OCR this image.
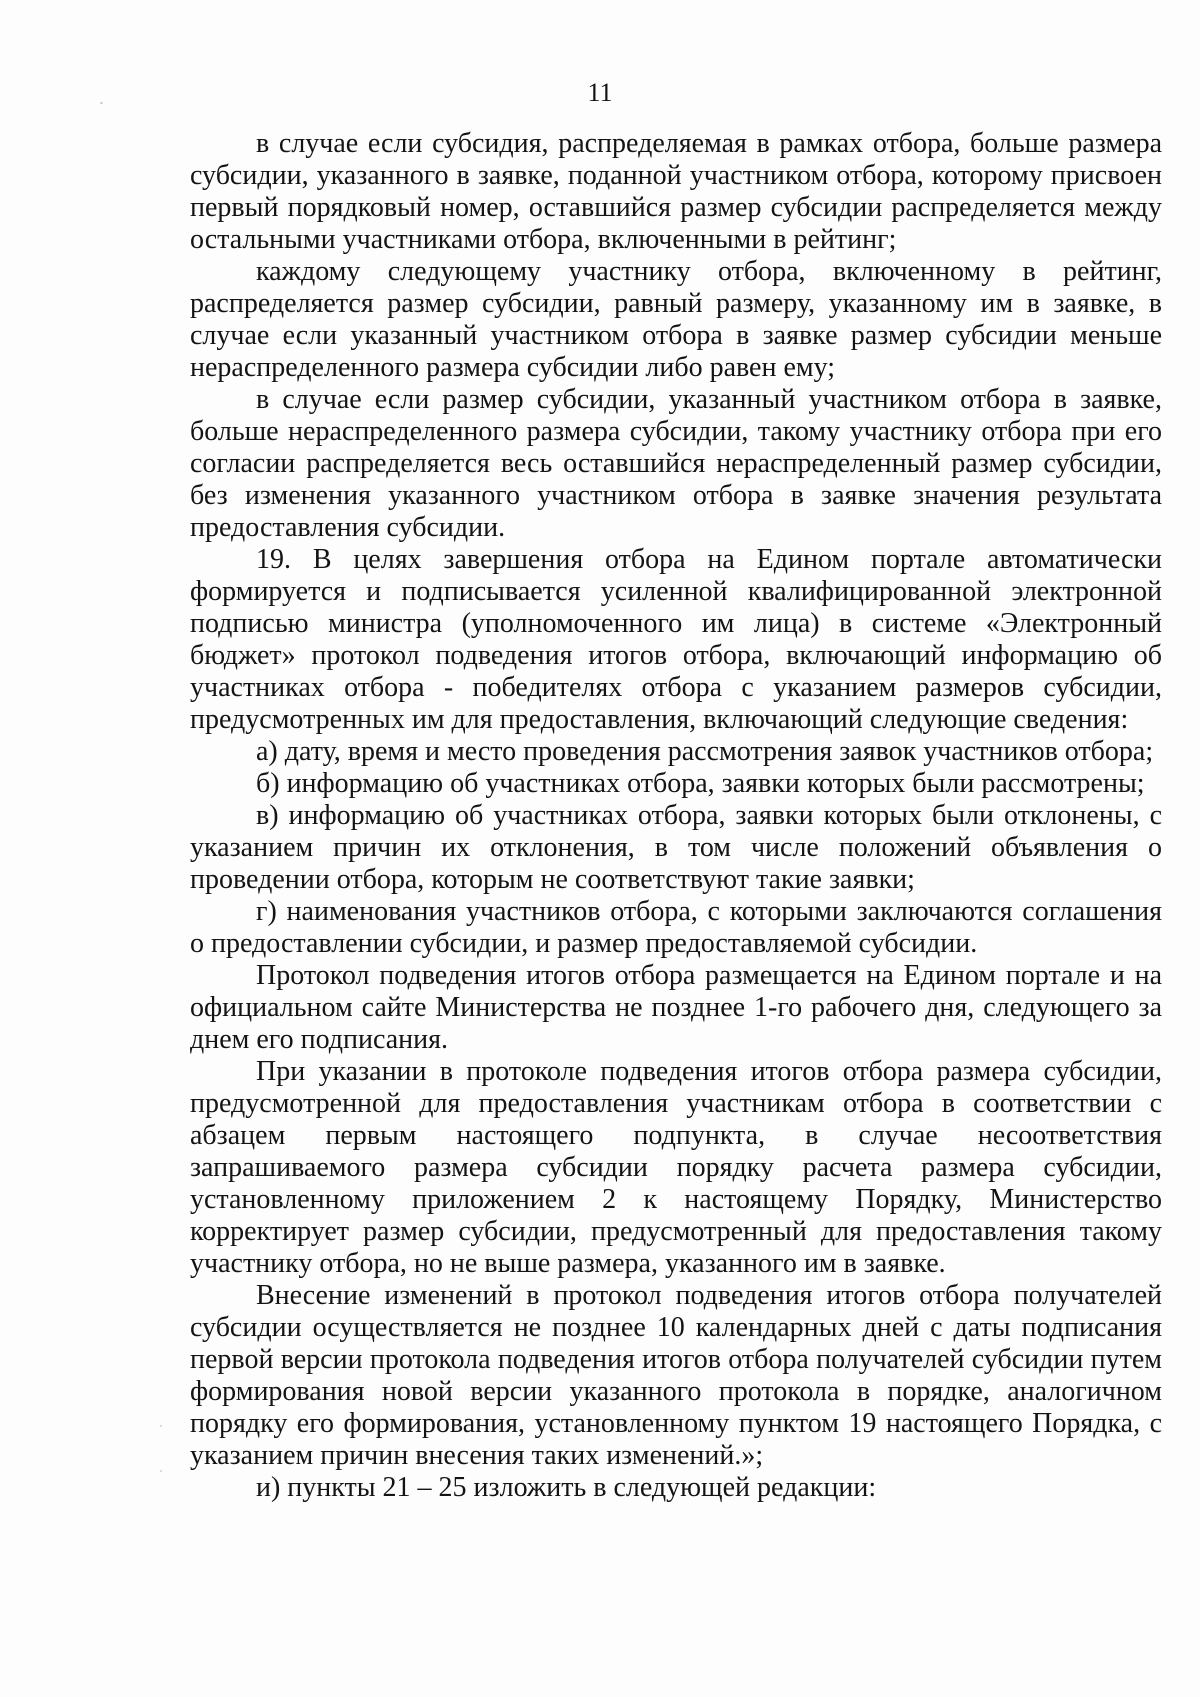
11

в случае если субсидия, распределяемая в рамках отбора, больше размера субсидии, указанного в заявке, поданной участником отбора, которому присвоен первый порядковый номер, оставшийся размер субсидии распределяется между остальными участниками отбора, включенными в рейтинг;

каждому следующему участнику отбора, включенному в рейтинг, распределяется размер субсидии, равный размеру, указанному им в заявке, в случае если указанный участником отбора в заявке размер субсидии меньше нераспределенного размера субсидии либо равен ему;

в случае если размер субсидии, указанный участником отбора в заявке, больше нераспределенного размера субсидии, такому участнику отбора при его согласии распределяется весь оставшийся нераспределенный размер субсидии, без изменения указанного участником отбора в заявке значения результата предоставления субсидии.

19. В целях завершения отбора на Едином портале автоматически формируется и подписывается усиленной квалифицированной электронной подписью министра (уполномоченного им лица) в системе «Электронный бюджет» протокол подведения итогов отбора, включающий информацию об участниках отбора - победителях отбора с указанием размеров субсидии, предусмотренных им для предоставления, включающий следующие сведения:

а) дату, время и место проведения рассмотрения заявок участников отбора;

б) информацию об участниках отбора, заявки которых были рассмотрены;

в) информацию об участниках отбора, заявки которых были отклонены, с указанием причин их отклонения, в том числе положений объявления о проведении отбора, которым не соответствуют такие заявки;

г) наименования участников отбора, с которыми заключаются соглашения о предоставлении субсидии, и размер предоставляемой субсидии.

Протокол подведения итогов отбора размещается на Едином портале и на официальном сайте Министерства не позднее 1-го рабочего дня, следующего за днем его подписания.

При указании в протоколе подведения итогов отбора размера субсидии, предусмотренной для предоставления участникам отбора в соответствии с абзацем первым настоящего подпункта, в случае несоответствия запрашиваемого размера субсидии порядку расчета размера субсидии, установленному приложением 2 к настоящему Порядку, Министерство корректирует размер субсидии, предусмотренный для предоставления такому участнику отбора, но не выше размера, указанного им в заявке.

Внесение изменений в протокол подведения итогов отбора получателей субсидии осуществляется не позднее 10 календарных дней с даты подписания первой версии протокола подведения итогов отбора получателей субсидии путем формирования новой версии указанного протокола в порядке, аналогичном порядку его формирования, установленному пунктом 19 настоящего Порядка, с указанием причин внесения таких изменений.»;

и) пункты 21 – 25 изложить в следующей редакции:
